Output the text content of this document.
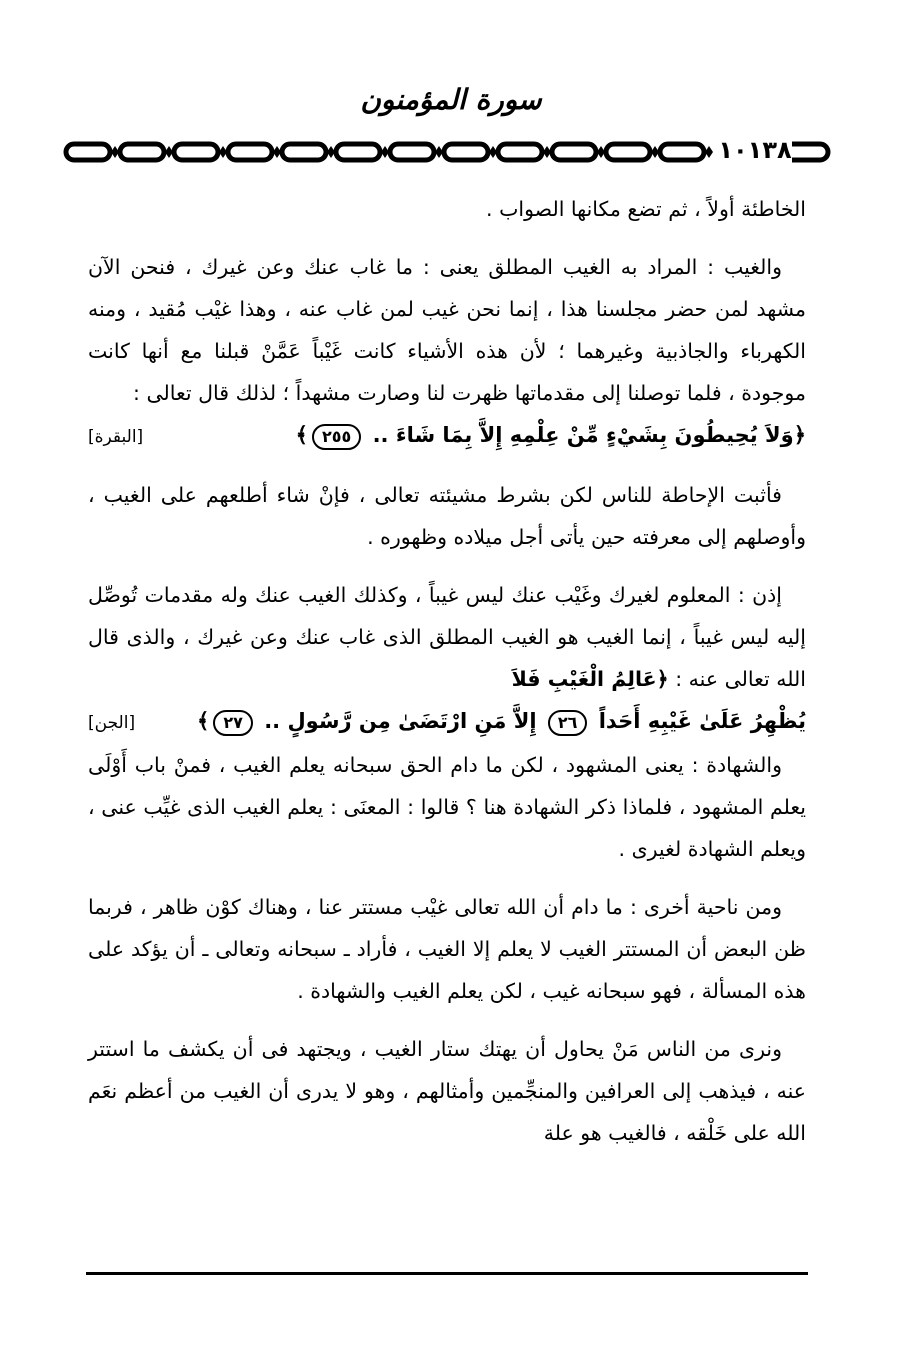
سورة المؤمنون
١٠١٣٨

الخاطئة أولاً ، ثم تضع مكانها الصواب .

والغيب : المراد به الغيب المطلق يعنى : ما غاب عنك وعن غيرك ، فنحن الآن مشهد لمن حضر مجلسنا هذا ، إنما نحن غيب لمن غاب عنه ، وهذا غيْب مُقيد ، ومنه الكهرباء والجاذبية وغيرهما ؛ لأن هذه الأشياء كانت غَيْباً عَمَّنْ قبلنا مع أنها كانت موجودة ، فلما توصلنا إلى مقدماتها ظهرت لنا وصارت مشهداً ؛ لذلك قال تعالى :

﴿وَلاَ يُحِيطُونَ بِشَيْءٍ مِّنْ عِلْمِهِ إِلاَّ بِمَا شَاءَ .. ٢٥٥﴾
[البقرة]

فأثبت الإحاطة للناس لكن بشرط مشيئته تعالى ، فإنْ شاء أطلعهم على الغيب ، وأوصلهم إلى معرفته حين يأتى أجل ميلاده وظهوره .

إذن : المعلوم لغيرك وغَيْب عنك ليس غيباً ، وكذلك الغيب عنك وله مقدمات تُوصِّل إليه ليس غيباً ، إنما الغيب هو الغيب المطلق الذى غاب عنك وعن غيرك ، والذى قال الله تعالى عنه : ﴿عَالِمُ الْغَيْبِ فَلاَ

يُظْهِرُ عَلَىٰ غَيْبِهِ أَحَداً ٢٦ إِلاَّ مَنِ ارْتَضَىٰ مِن رَّسُولٍ .. ٢٧﴾
[الجن]

والشهادة : يعنى المشهود ، لكن ما دام الحق سبحانه يعلم الغيب ، فمنْ باب أَوْلَى يعلم المشهود ، فلماذا ذكر الشهادة هنا ؟ قالوا : المعنَى : يعلم الغيب الذى غيِّب عنى ، ويعلم الشهادة لغيرى .

ومن ناحية أخرى : ما دام أن الله تعالى غيْب مستتر عنا ، وهناك كوْن ظاهر ، فربما ظن البعض أن المستتر الغيب لا يعلم إلا الغيب ، فأراد ـ سبحانه وتعالى ـ أن يؤكد على هذه المسألة ، فهو سبحانه غيب ، لكن يعلم الغيب والشهادة .

ونرى من الناس مَنْ يحاول أن يهتك ستار الغيب ، ويجتهد فى أن يكشف ما استتر عنه ، فيذهب إلى العرافين والمنجِّمين وأمثالهم ، وهو لا يدرى أن الغيب من أعظم نعَم الله على خَلْقه ، فالغيب هو علة
